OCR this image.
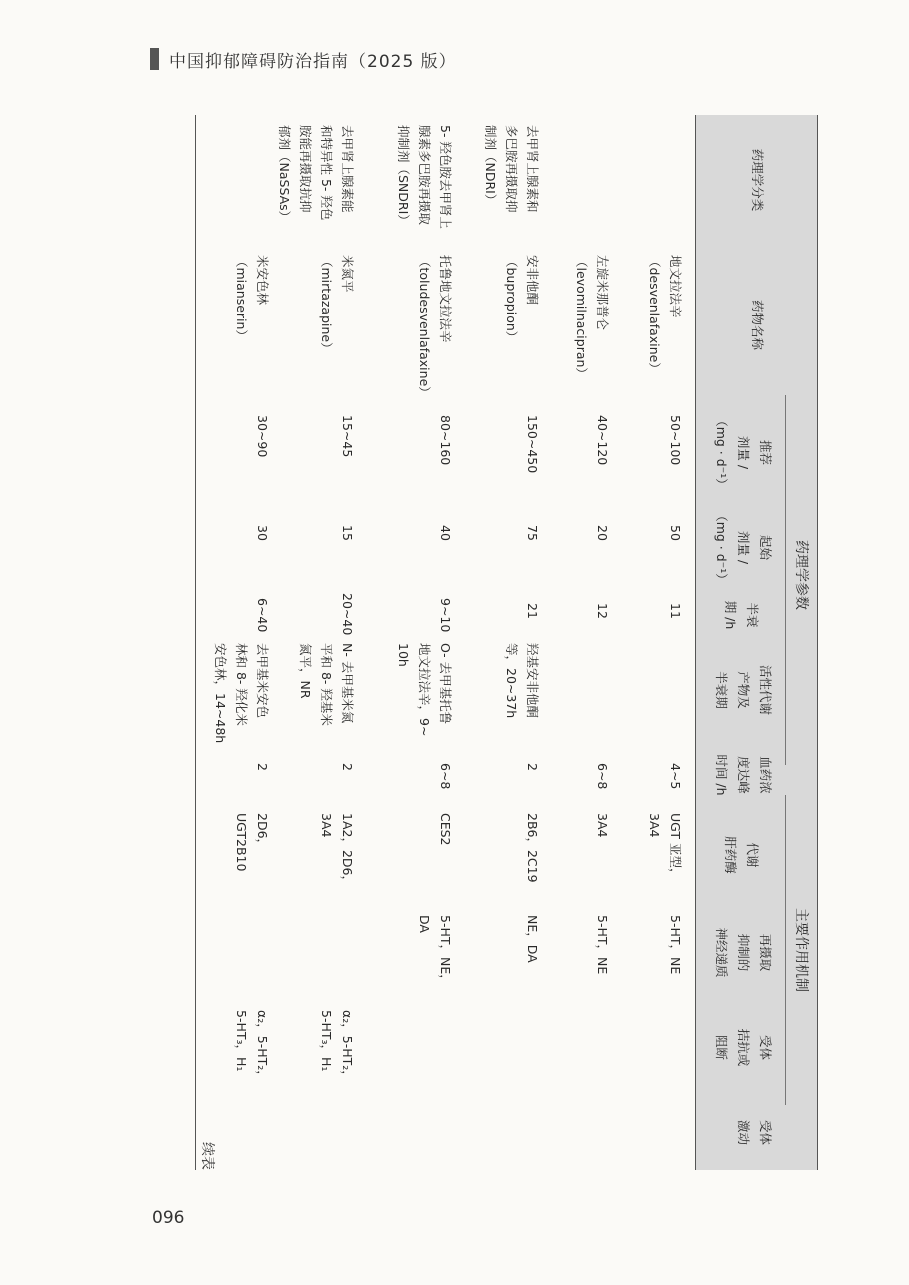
中国抑郁障碍防治指南（2025 版）
续表
药理学参数
主要作用机制
药理学分类
药物名称
推荐
剂量 /
（mg · d⁻¹）
起始
剂量 /
（mg · d⁻¹）
半衰
期 /h
活性代谢
产物及
半衰期
血药浓
度达峰
时间 /h
代谢
肝药酶
再摄取
抑制的
神经递质
受体
拮抗或
阻断
受体
激动
地文拉法辛
（desvenlafaxine）
50~100
50
11
4~5
UGT 亚型，
3A4
5-HT，NE
左旋米那普仑
（levomilnacipran）
40~120
20
12
6~8
3A4
5-HT，NE
去甲肾上腺素和
多巴胺再摄取抑
制剂（NDRI）
安非他酮
（bupropion）
150~450
75
21
羟基安非他酮
等，20~37h
2
2B6，2C19
NE，DA
5- 羟色胺去甲肾上
腺素多巴胺再摄取
抑制剂（SNDRI）
托鲁地文拉法辛
（toludesvenlafaxine）
80~160
40
9~10
O- 去甲基托鲁
地文拉法辛，9~
10h
6~8
CES2
5-HT，NE，
DA
去甲肾上腺素能
和特异性 5- 羟色
胺能再摄取抗抑
郁剂（NaSSAs）
米氮平
（mirtazapine）
15~45
15
20~40
N- 去甲基米氮
平和 8- 羟基米
氮平，NR
2
1A2，2D6，
3A4
α₂，5-HT₂，
5-HT₃，H₁
米安色林
（mianserin）
30~90
30
6~40
去甲基米安色
林和 8- 羟化米
安色林，14~48h
2
2D6，
UGT2B10
α₂，5-HT₂，
5-HT₃，H₁
096
